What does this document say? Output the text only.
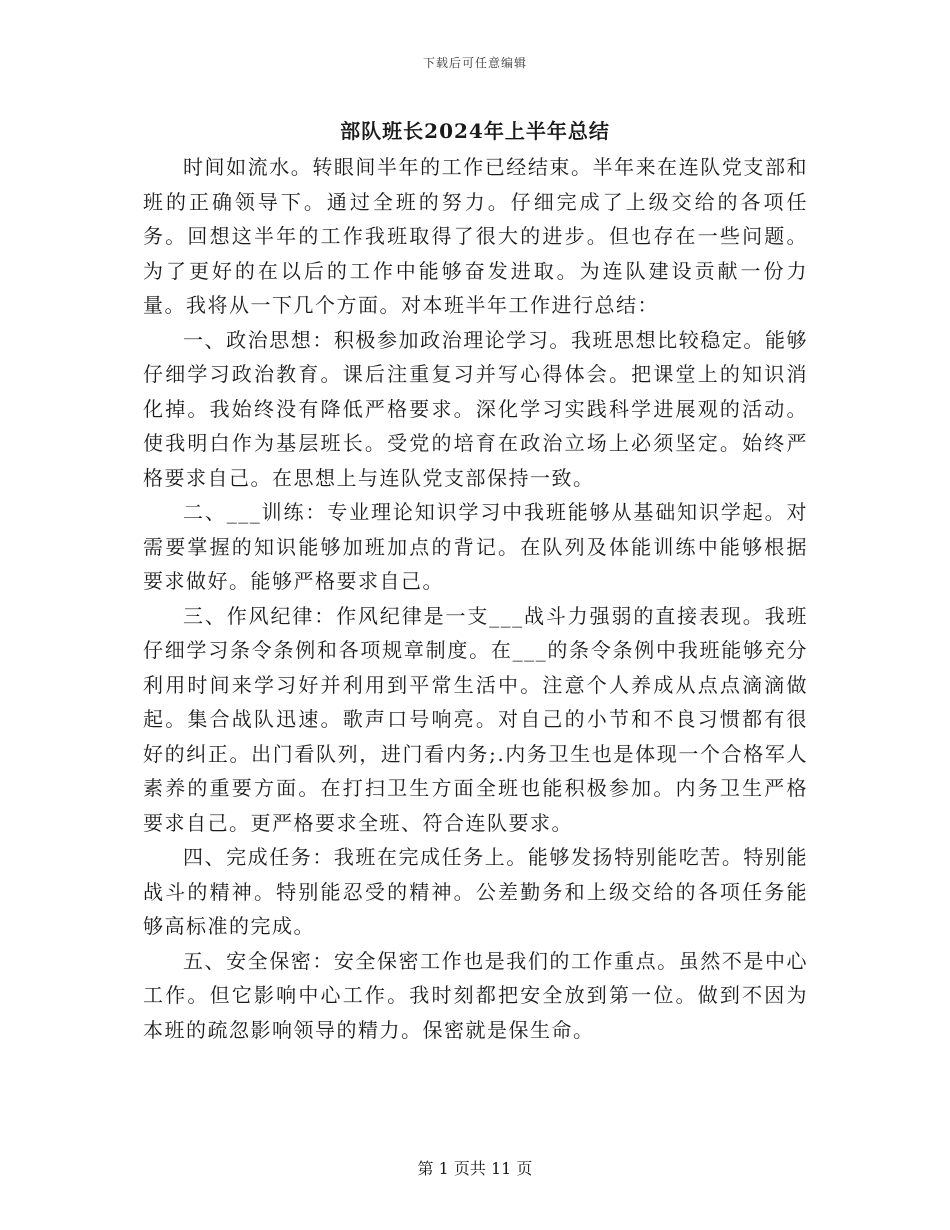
下载后可任意编辑
部队班长2024年上半年总结

时间如流水。转眼间半年的工作已经结束。半年来在连队党支部和班的正确领导下。通过全班的努力。仔细完成了上级交给的各项任务。回想这半年的工作我班取得了很大的进步。但也存在一些问题。为了更好的在以后的工作中能够奋发进取。为连队建设贡献一份力量。我将从一下几个方面。对本班半年工作进行总结：

一、政治思想：积极参加政治理论学习。我班思想比较稳定。能够仔细学习政治教育。课后注重复习并写心得体会。把课堂上的知识消化掉。我始终没有降低严格要求。深化学习实践科学进展观的活动。使我明白作为基层班长。受党的培育在政治立场上必须坚定。始终严格要求自己。在思想上与连队党支部保持一致。

二、___训练：专业理论知识学习中我班能够从基础知识学起。对需要掌握的知识能够加班加点的背记。在队列及体能训练中能够根据要求做好。能够严格要求自己。

三、作风纪律：作风纪律是一支___战斗力强弱的直接表现。我班仔细学习条令条例和各项规章制度。在___的条令条例中我班能够充分利用时间来学习好并利用到平常生活中。注意个人养成从点点滴滴做起。集合战队迅速。歌声口号响亮。对自己的小节和不良习惯都有很好的纠正。出门看队列，进门看内务;.内务卫生也是体现一个合格军人素养的重要方面。在打扫卫生方面全班也能积极参加。内务卫生严格要求自己。更严格要求全班、符合连队要求。

四、完成任务：我班在完成任务上。能够发扬特别能吃苦。特别能战斗的精神。特别能忍受的精神。公差勤务和上级交给的各项任务能够高标准的完成。

五、安全保密：安全保密工作也是我们的工作重点。虽然不是中心工作。但它影响中心工作。我时刻都把安全放到第一位。做到不因为本班的疏忽影响领导的精力。保密就是保生命。

第 1 页共 11 页
